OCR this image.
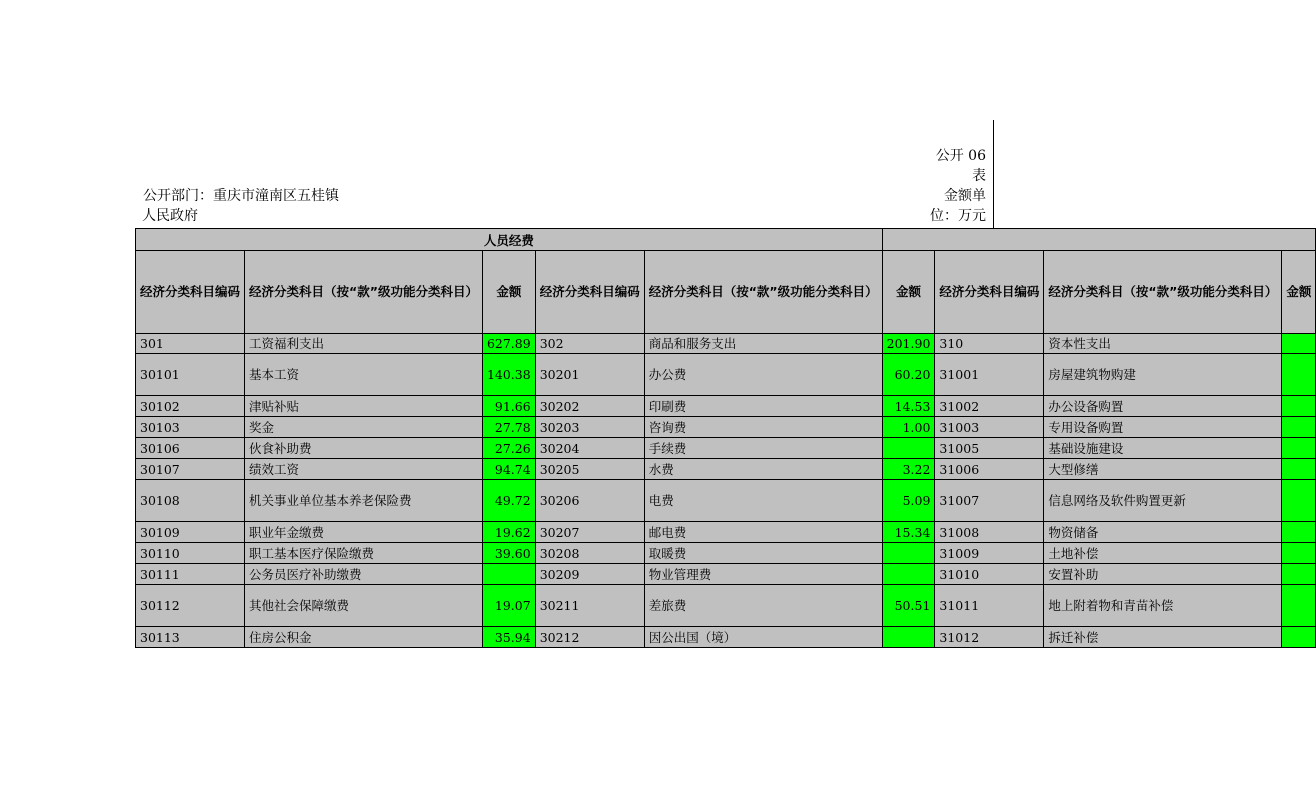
公开 06
表
金额单
位：万元
公开部门：重庆市潼南区五桂镇
人民政府
人员经费								
经济分类科目编码	经济分类科目（按“款”级功能分类科目）	金额	经济分类科目编码	经济分类科目（按“款”级功能分类科目）	金额	经济分类科目编码	经济分类科目（按“款”级功能分类科目）	金额
301	工资福利支出	627.89	302	商品和服务支出	201.90	310	资本性支出	
30101	基本工资	140.38	30201	办公费	60.20	31001	房屋建筑物购建	
30102	津贴补贴	91.66	30202	印刷费	14.53	31002	办公设备购置	
30103	奖金	27.78	30203	咨询费	1.00	31003	专用设备购置	
30106	伙食补助费	27.26	30204	手续费		31005	基础设施建设	
30107	绩效工资	94.74	30205	水费	3.22	31006	大型修缮	
30108	机关事业单位基本养老保险费	49.72	30206	电费	5.09	31007	信息网络及软件购置更新	
30109	职业年金缴费	19.62	30207	邮电费	15.34	31008	物资储备	
30110	职工基本医疗保险缴费	39.60	30208	取暖费		31009	土地补偿	
30111	公务员医疗补助缴费		30209	物业管理费		31010	安置补助	
30112	其他社会保障缴费	19.07	30211	差旅费	50.51	31011	地上附着物和青苗补偿	
30113	住房公积金	35.94	30212	因公出国（境）		31012	拆迁补偿	
